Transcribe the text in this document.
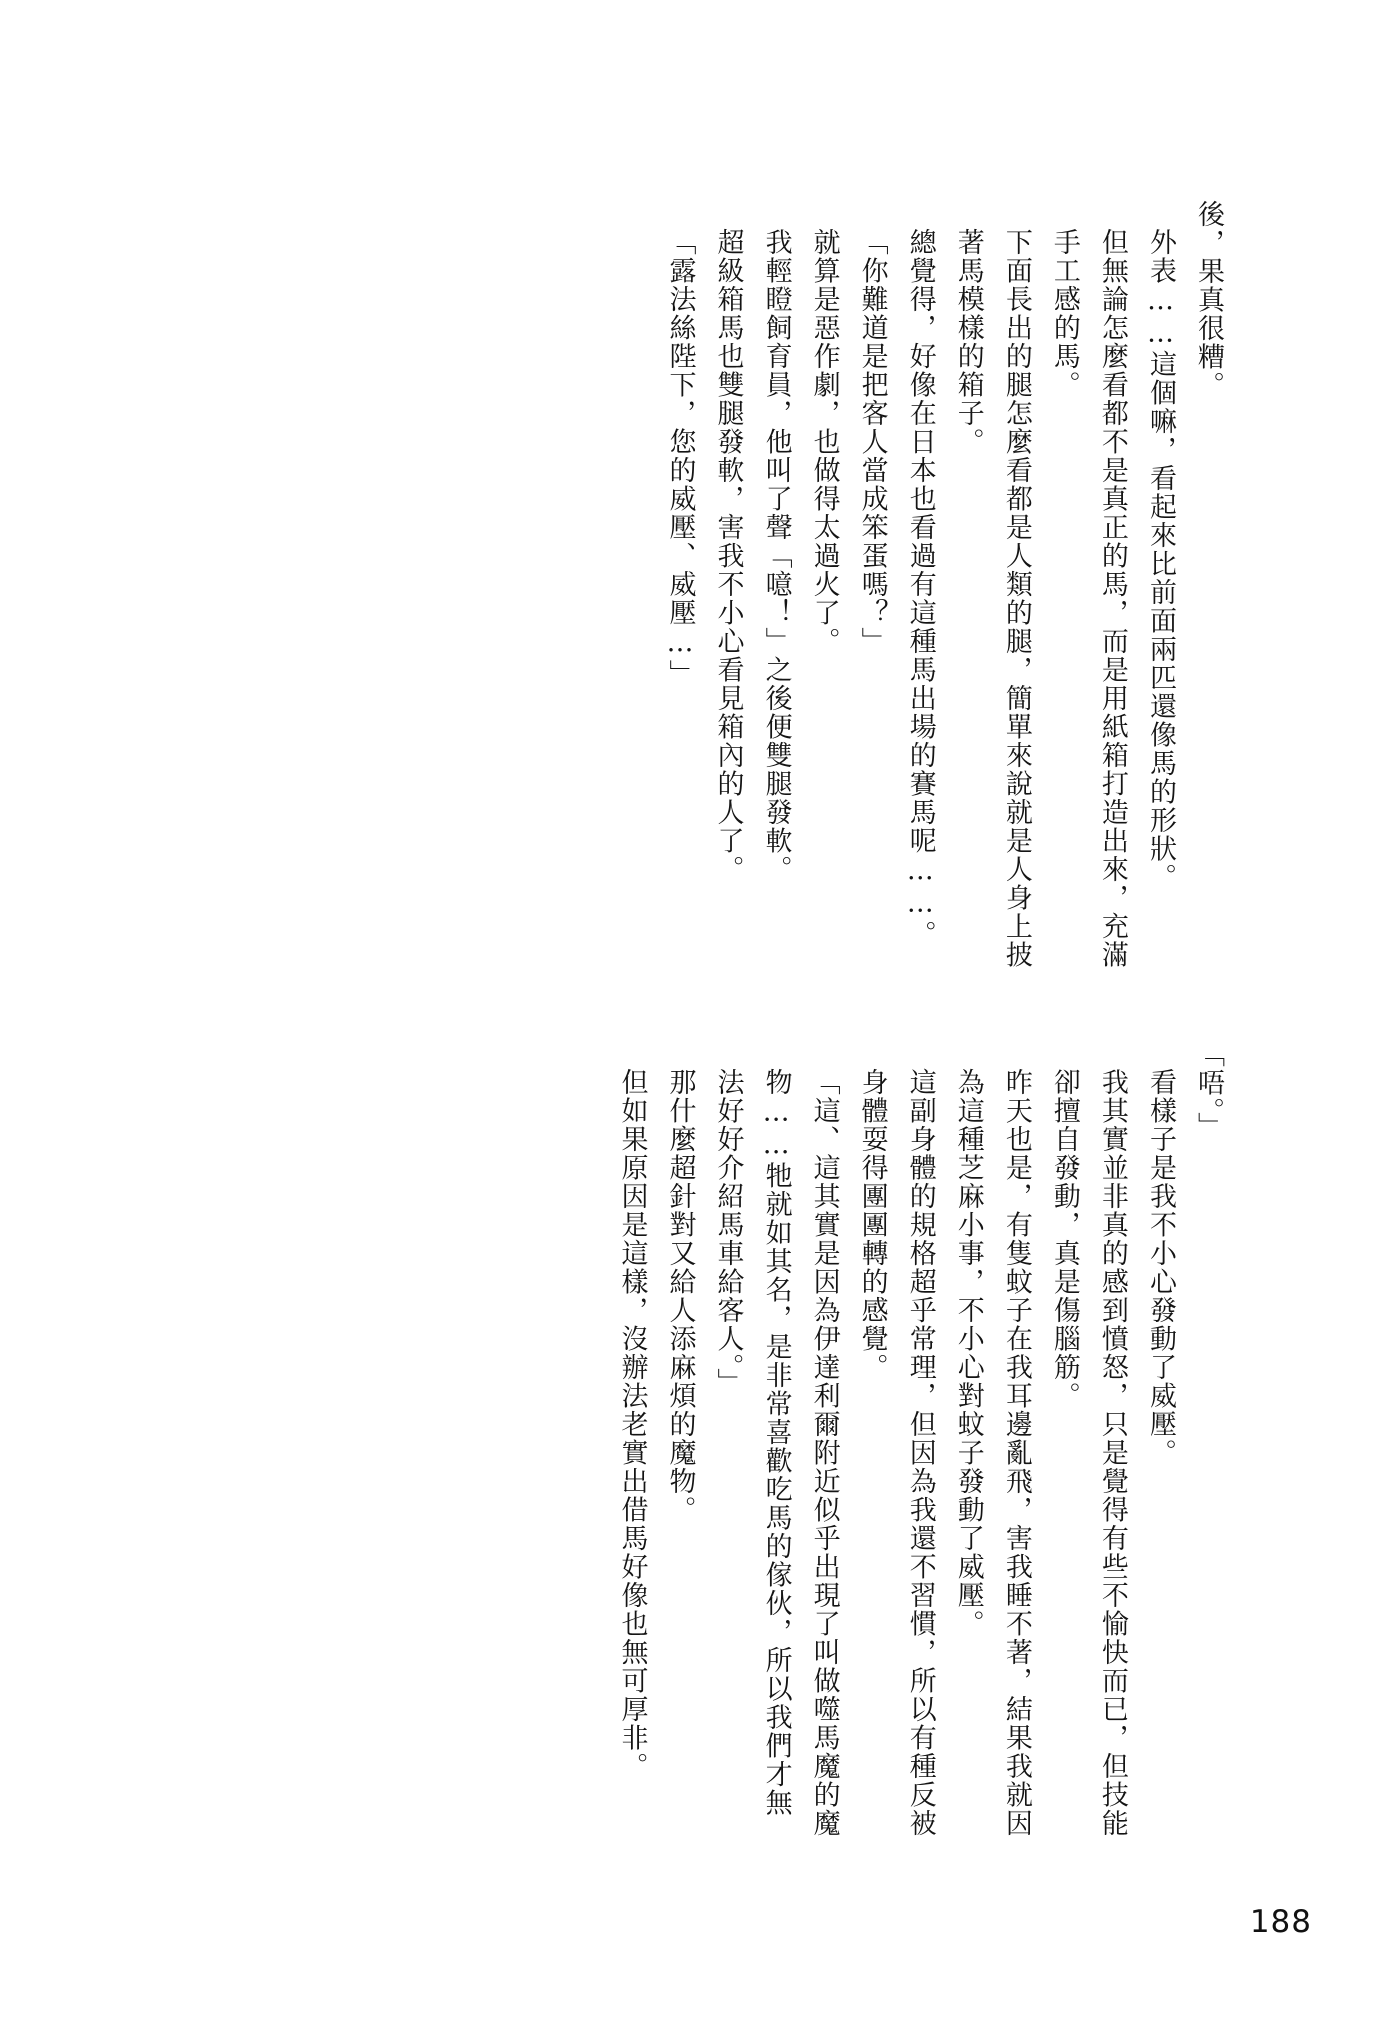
後，果真很糟。
外表……這個嘛，看起來比前面兩匹還像馬的形狀。
但無論怎麼看都不是真正的馬，而是用紙箱打造出來，充滿手工感的馬。
下面長出的腿怎麼看都是人類的腿，簡單來說就是人身上披著馬模樣的箱子。
總覺得，好像在日本也看過有這種馬出場的賽馬呢……。
「你難道是把客人當成笨蛋嗎？」
就算是惡作劇，也做得太過火了。
我輕瞪飼育員，他叫了聲「噫！」之後便雙腿發軟。
超級箱馬也雙腿發軟，害我不小心看見箱內的人了。
「露法絲陛下，您的威壓、威壓…」
「唔。」
看樣子是我不小心發動了威壓。
我其實並非真的感到憤怒，只是覺得有些不愉快而已，但技能卻擅自發動，真是傷腦筋。
昨天也是，有隻蚊子在我耳邊亂飛，害我睡不著，結果我就因為這種芝麻小事，不小心對蚊子發動了威壓。
這副身體的規格超乎常理，但因為我還不習慣，所以有種反被身體耍得團團轉的感覺。
「這、這其實是因為伊達利爾附近似乎出現了叫做噬馬魔的魔物……牠就如其名，是非常喜歡吃馬的傢伙，所以我們才無法好好介紹馬車給客人。」
那什麼超針對又給人添麻煩的魔物。
但如果原因是這樣，沒辦法老實出借馬好像也無可厚非。
188
